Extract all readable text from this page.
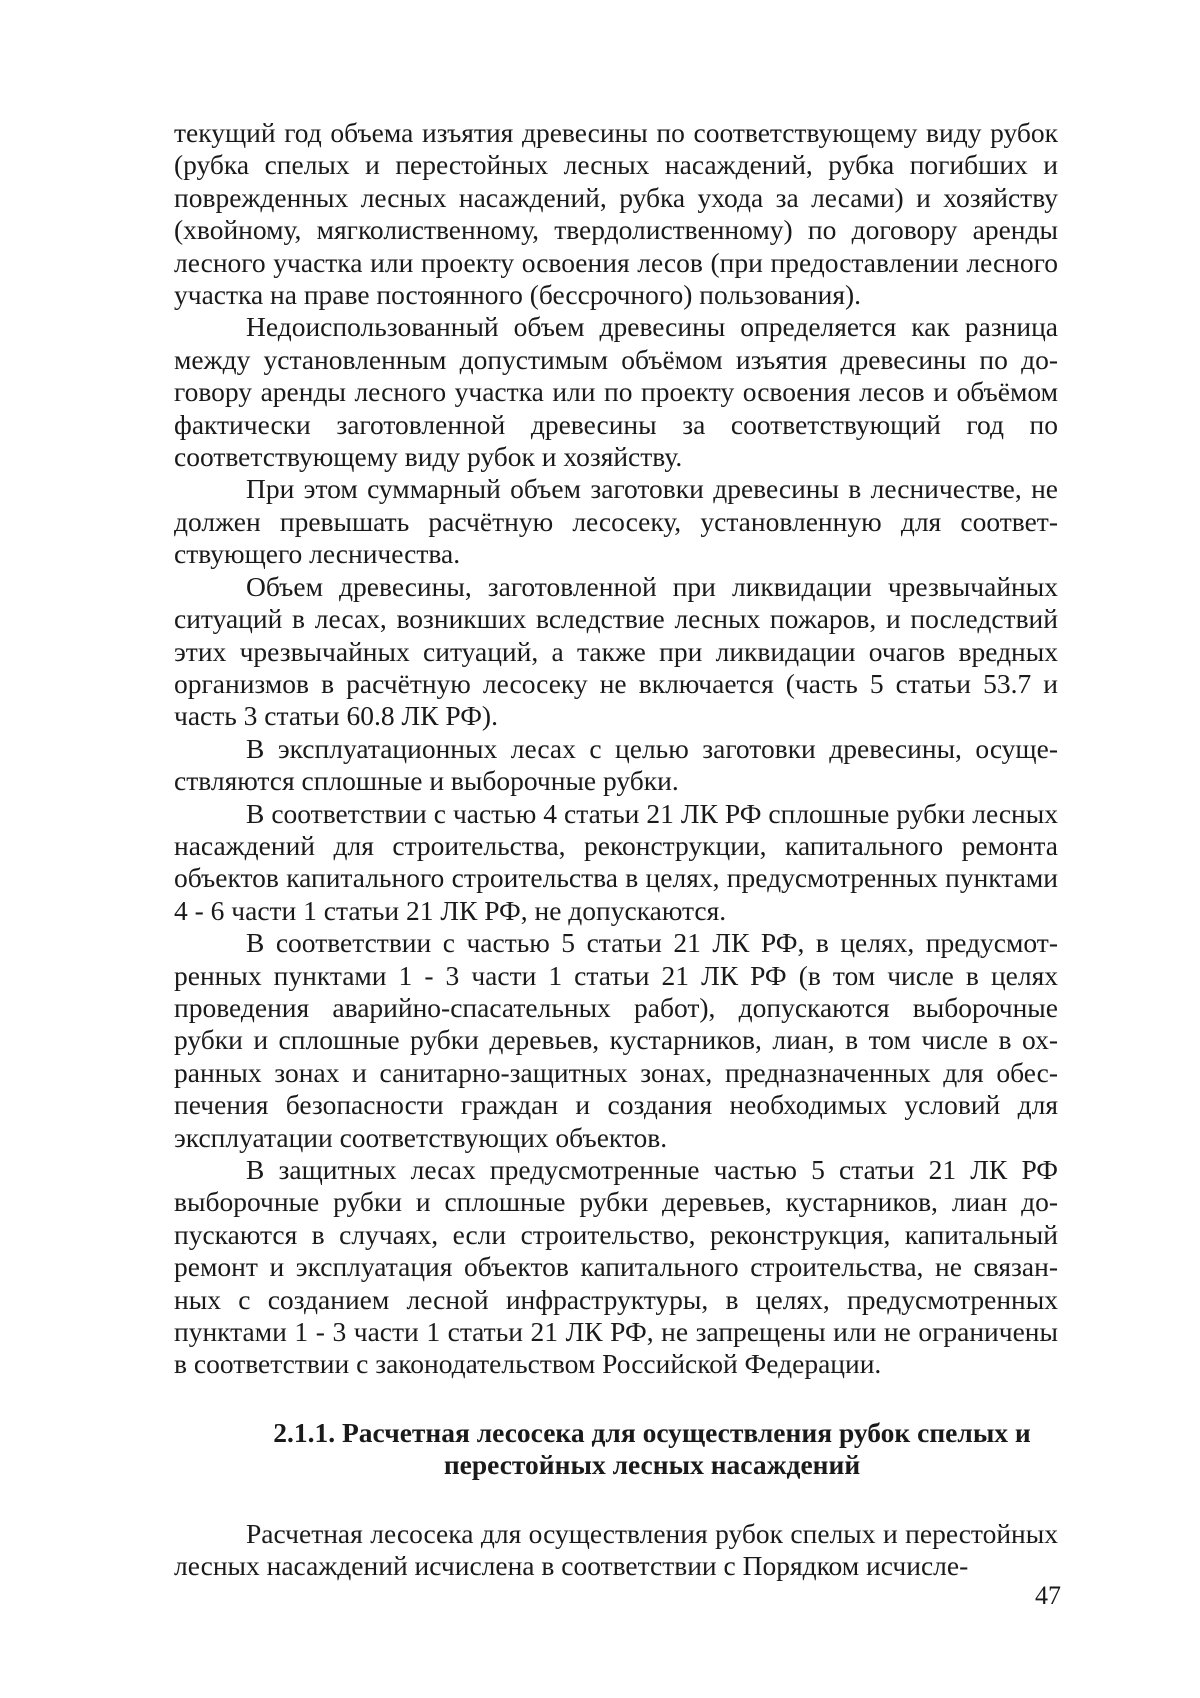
текущий год объема изъятия древесины по соответствующему виду рубок (рубка спелых и перестойных лесных насаждений, рубка погибших и поврежденных лесных насаждений, рубка ухода за лесами) и хозяйству (хвойному, мягколиственному, твердолиственному) по договору аренды лесного участка или проекту освоения лесов (при предоставлении лесного участка на праве постоянного (бессрочного) пользования).

Недоиспользованный объем древесины определяется как разница между установленным допустимым объёмом изъятия древесины по договору аренды лесного участка или по проекту освоения лесов и объёмом фактически заготовленной древесины за соответствующий год по соответствующему виду рубок и хозяйству.

При этом суммарный объем заготовки древесины в лесничестве, не должен превышать расчётную лесосеку, установленную для соответствующего лесничества.

Объем древесины, заготовленной при ликвидации чрезвычайных ситуаций в лесах, возникших вследствие лесных пожаров, и последствий этих чрезвычайных ситуаций, а также при ликвидации очагов вредных организмов в расчётную лесосеку не включается (часть 5 статьи 53.7 и часть 3 статьи 60.8 ЛК РФ).

В эксплуатационных лесах с целью заготовки древесины, осуществляются сплошные и выборочные рубки.

В соответствии с частью 4 статьи 21 ЛК РФ сплошные рубки лесных насаждений для строительства, реконструкции, капитального ремонта объектов капитального строительства в целях, предусмотренных пунктами 4 - 6 части 1 статьи 21 ЛК РФ, не допускаются.

В соответствии с частью 5 статьи 21 ЛК РФ, в целях, предусмотренных пунктами 1 - 3 части 1 статьи 21 ЛК РФ (в том числе в целях проведения аварийно-спасательных работ), допускаются выборочные рубки и сплошные рубки деревьев, кустарников, лиан, в том числе в охранных зонах и санитарно-защитных зонах, предназначенных для обеспечения безопасности граждан и создания необходимых условий для эксплуатации соответствующих объектов.

В защитных лесах предусмотренные частью 5 статьи 21 ЛК РФ выборочные рубки и сплошные рубки деревьев, кустарников, лиан допускаются в случаях, если строительство, реконструкция, капитальный ремонт и эксплуатация объектов капитального строительства, не связанных с созданием лесной инфраструктуры, в целях, предусмотренных пунктами 1 - 3 части 1 статьи 21 ЛК РФ, не запрещены или не ограничены в соответствии с законодательством Российской Федерации.

2.1.1. Расчетная лесосека для осуществления рубок спелых и
перестойных лесных насаждений

Расчетная лесосека для осуществления рубок спелых и перестойных лесных насаждений исчислена в соответствии с Порядком исчисле-

47
